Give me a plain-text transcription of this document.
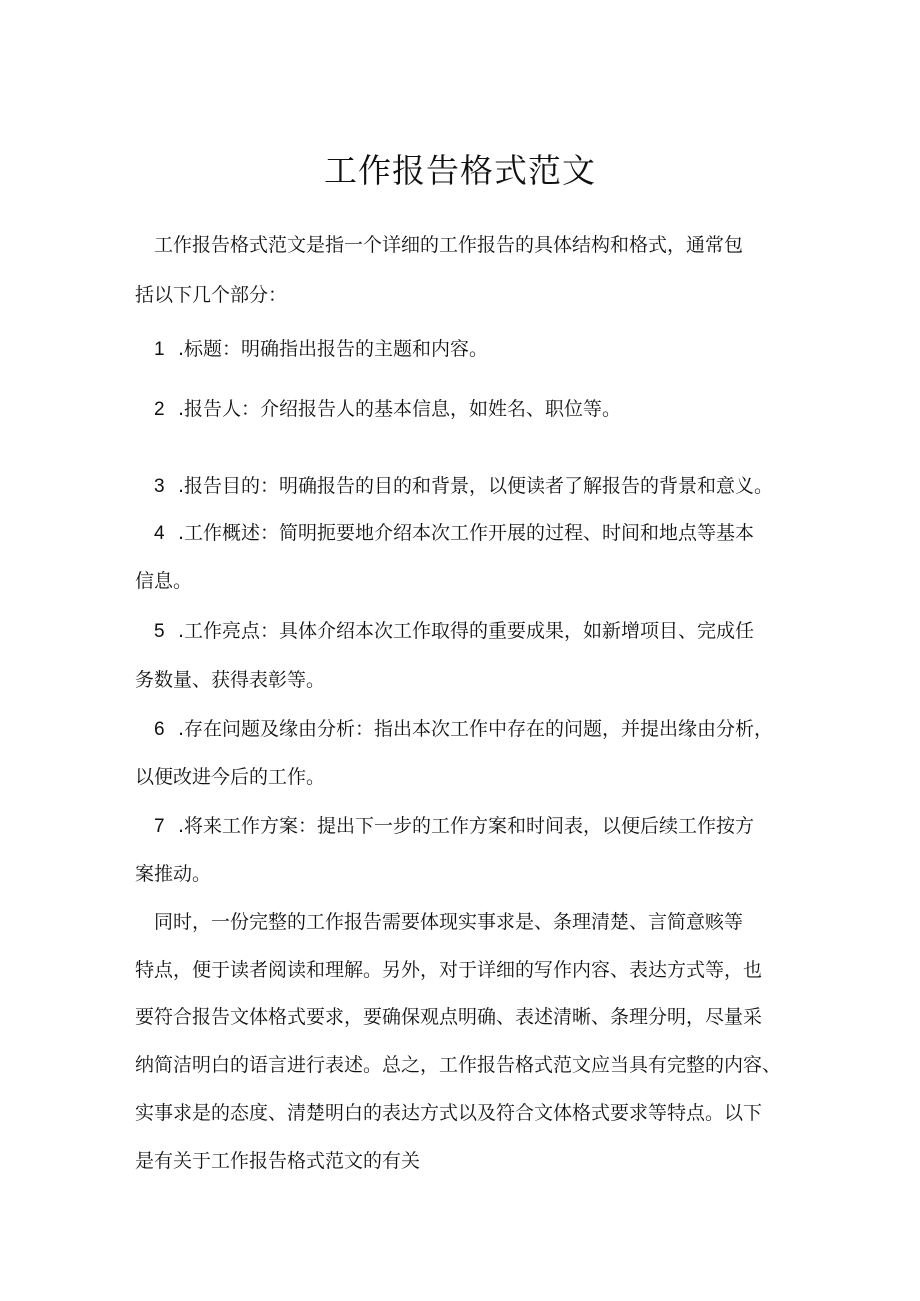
工作报告格式范文
工作报告格式范文是指一个详细的工作报告的具体结构和格式，通常包
括以下几个部分：
1 .标题：明确指出报告的主题和内容。
2 .报告人：介绍报告人的基本信息，如姓名、职位等。
3 .报告目的：明确报告的目的和背景，以便读者了解报告的背景和意义。
4 .工作概述：简明扼要地介绍本次工作开展的过程、时间和地点等基本
信息。
5 .工作亮点：具体介绍本次工作取得的重要成果，如新增项目、完成任
务数量、获得表彰等。
6 .存在问题及缘由分析：指出本次工作中存在的问题，并提出缘由分析，
以便改进今后的工作。
7 .将来工作方案：提出下一步的工作方案和时间表，以便后续工作按方
案推动。
同时，一份完整的工作报告需要体现实事求是、条理清楚、言简意赅等
特点，便于读者阅读和理解。另外，对于详细的写作内容、表达方式等，也
要符合报告文体格式要求，要确保观点明确、表述清晰、条理分明，尽量采
纳简洁明白的语言进行表述。总之，工作报告格式范文应当具有完整的内容、
实事求是的态度、清楚明白的表达方式以及符合文体格式要求等特点。以下
是有关于工作报告格式范文的有关
